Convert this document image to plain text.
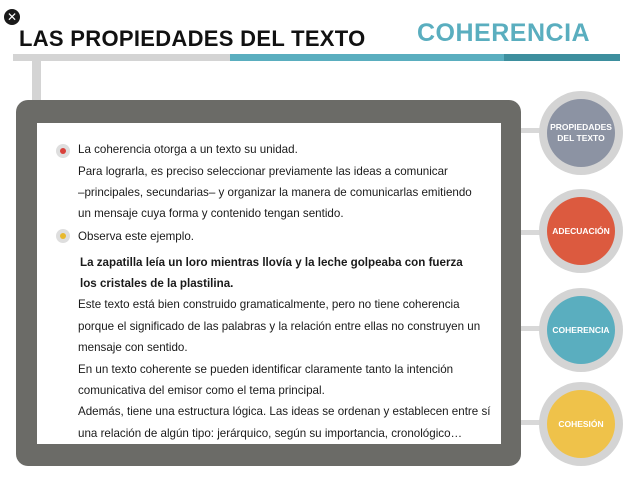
✕
LAS PROPIEDADES DEL TEXTO COHERENCIA
La coherencia otorga a un texto su unidad.
Para lograrla, es preciso seleccionar previamente las ideas a comunicar
–principales, secundarias– y organizar la manera de comunicarlas emitiendo
un mensaje cuya forma y contenido tengan sentido.
Observa este ejemplo.
La zapatilla leía un loro mientras llovía y la leche golpeaba con fuerza
los cristales de la plastilina.
Este texto está bien construido gramaticalmente, pero no tiene coherencia
porque el significado de las palabras y la relación entre ellas no construyen un
mensaje con sentido.
En un texto coherente se pueden identificar claramente tanto la intención
comunicativa del emisor como el tema principal.
Además, tiene una estructura lógica. Las ideas se ordenan y establecen entre sí
una relación de algún tipo: jerárquico, según su importancia, cronológico…
PROPIEDADES DEL TEXTO
ADECUACIÓN
COHERENCIA
COHESIÓN
